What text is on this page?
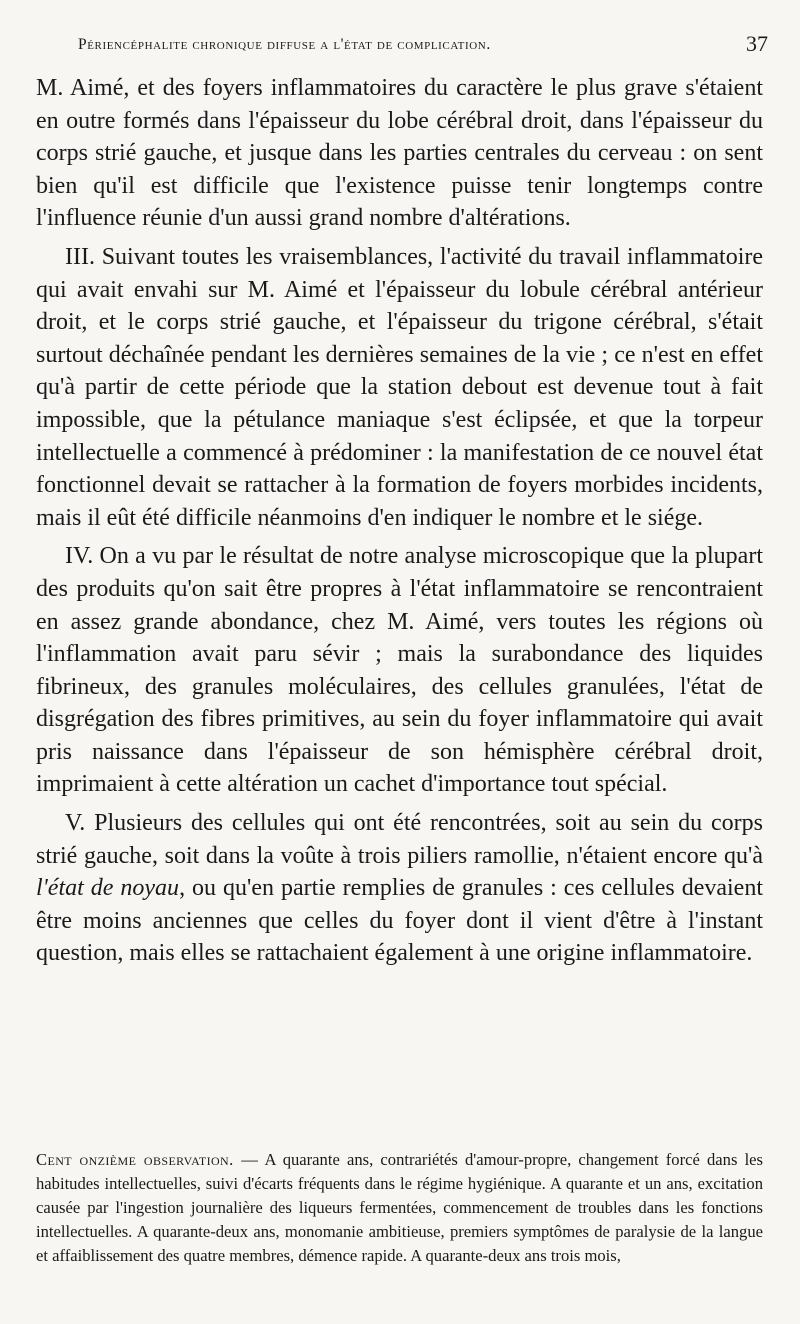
Périencéphalite chronique diffuse a l'état de complication.	37

M. Aimé, et des foyers inflammatoires du caractère le plus grave s'étaient en outre formés dans l'épaisseur du lobe cérébral droit, dans l'épaisseur du corps strié gauche, et jusque dans les parties centrales du cerveau : on sent bien qu'il est difficile que l'existence puisse tenir longtemps contre l'influence réunie d'un aussi grand nombre d'altérations.

III. Suivant toutes les vraisemblances, l'activité du travail inflammatoire qui avait envahi sur M. Aimé et l'épaisseur du lobule cérébral antérieur droit, et le corps strié gauche, et l'épaisseur du trigone cérébral, s'était surtout déchaînée pendant les dernières semaines de la vie ; ce n'est en effet qu'à partir de cette période que la station debout est devenue tout à fait impossible, que la pétulance maniaque s'est éclipsée, et que la torpeur intellectuelle a commencé à prédominer : la manifestation de ce nouvel état fonctionnel devait se rattacher à la formation de foyers morbides incidents, mais il eût été difficile néanmoins d'en indiquer le nombre et le siége.

IV. On a vu par le résultat de notre analyse microscopique que la plupart des produits qu'on sait être propres à l'état inflammatoire se rencontraient en assez grande abondance, chez M. Aimé, vers toutes les régions où l'inflammation avait paru sévir ; mais la surabondance des liquides fibrineux, des granules moléculaires, des cellules granulées, l'état de disgrégation des fibres primitives, au sein du foyer inflammatoire qui avait pris naissance dans l'épaisseur de son hémisphère cérébral droit, imprimaient à cette altération un cachet d'importance tout spécial.

V. Plusieurs des cellules qui ont été rencontrées, soit au sein du corps strié gauche, soit dans la voûte à trois piliers ramollie, n'étaient encore qu'à l'état de noyau, ou qu'en partie remplies de granules : ces cellules devaient être moins anciennes que celles du foyer dont il vient d'être à l'instant question, mais elles se rattachaient également à une origine inflammatoire.

Cent onzième observation. — A quarante ans, contrariétés d'amour-propre, changement forcé dans les habitudes intellectuelles, suivi d'écarts fréquents dans le régime hygiénique. A quarante et un ans, excitation causée par l'ingestion journalière des liqueurs fermentées, commencement de troubles dans les fonctions intellectuelles. A quarante-deux ans, monomanie ambitieuse, premiers symptômes de paralysie de la langue et affaiblissement des quatre membres, démence rapide. A quarante-deux ans trois mois,
